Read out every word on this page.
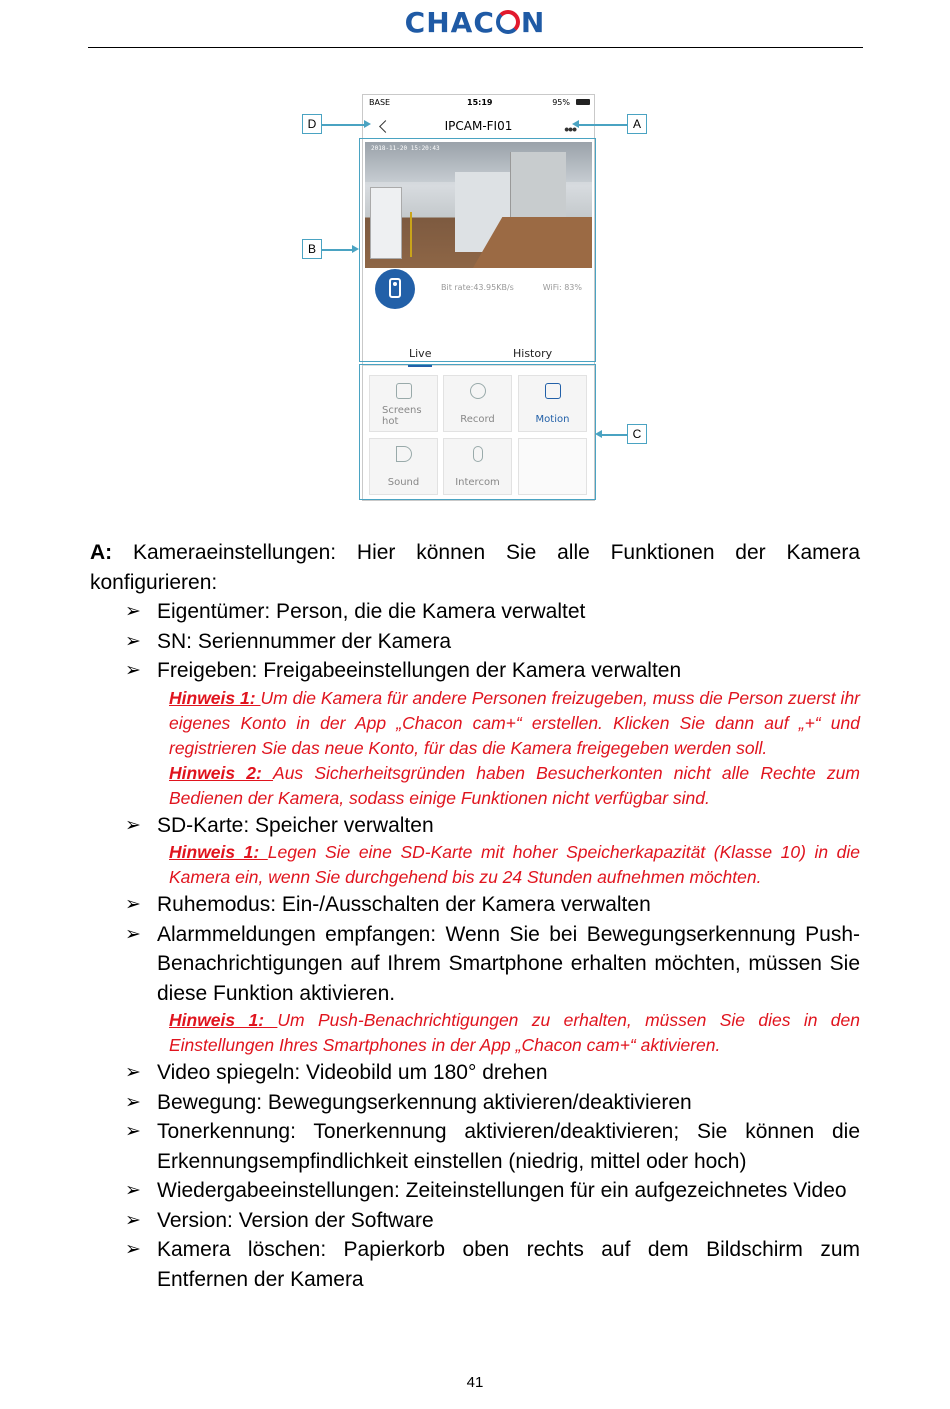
CHAC N
BASE	15:19	95%
IPCAM-FI01	•••
2018-11-20 15:20:43
Bit rate:43.95KB/s	WiFi: 83%
Live	History
Screens
hot	Record	Motion
Sound	Intercom
D	A
B
C

A: Kameraeinstellungen: Hier können Sie alle Funktionen der Kamera konfigurieren:

➢ Eigentümer: Person, die die Kamera verwaltet
➢ SN: Seriennummer der Kamera
➢ Freigeben: Freigabeeinstellungen der Kamera verwalten
Hinweis 1: Um die Kamera für andere Personen freizugeben, muss die Person zuerst ihr eigenes Konto in der App „Chacon cam+“ erstellen. Klicken Sie dann auf „+“ und registrieren Sie das neue Konto, für das die Kamera freigegeben werden soll.
Hinweis 2: Aus Sicherheitsgründen haben Besucherkonten nicht alle Rechte zum Bedienen der Kamera, sodass einige Funktionen nicht verfügbar sind.
➢ SD-Karte: Speicher verwalten
Hinweis 1: Legen Sie eine SD-Karte mit hoher Speicherkapazität (Klasse 10) in die Kamera ein, wenn Sie durchgehend bis zu 24 Stunden aufnehmen möchten.
➢ Ruhemodus: Ein-/Ausschalten der Kamera verwalten
➢ Alarmmeldungen empfangen: Wenn Sie bei Bewegungserkennung Push-Benachrichtigungen auf Ihrem Smartphone erhalten möchten, müssen Sie diese Funktion aktivieren.
Hinweis 1: Um Push-Benachrichtigungen zu erhalten, müssen Sie dies in den Einstellungen Ihres Smartphones in der App „Chacon cam+“ aktivieren.
➢ Video spiegeln: Videobild um 180° drehen
➢ Bewegung: Bewegungserkennung aktivieren/deaktivieren
➢ Tonerkennung: Tonerkennung aktivieren/deaktivieren; Sie können die Erkennungsempfindlichkeit einstellen (niedrig, mittel oder hoch)
➢ Wiedergabeeinstellungen: Zeiteinstellungen für ein aufgezeichnetes Video
➢ Version: Version der Software
➢ Kamera löschen: Papierkorb oben rechts auf dem Bildschirm zum Entfernen der Kamera
41
